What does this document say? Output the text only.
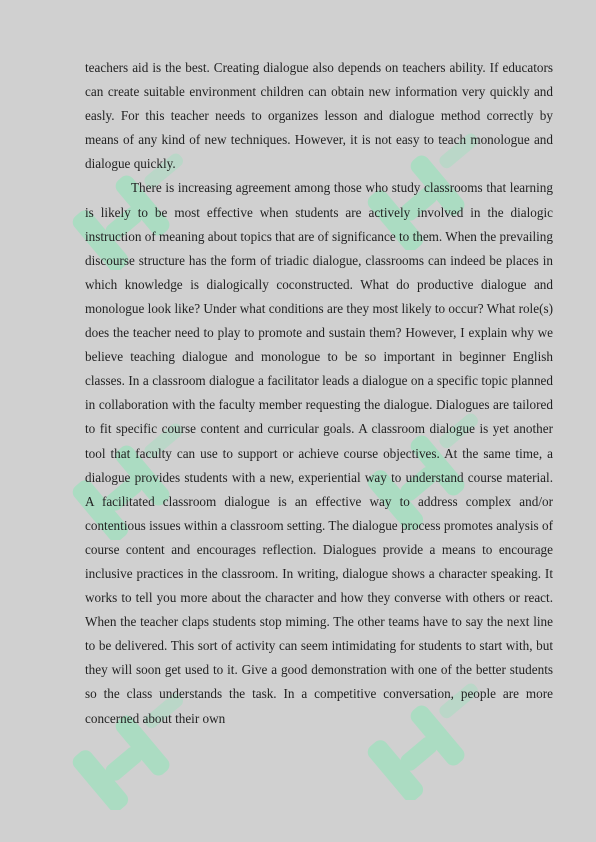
teachers aid is the best. Creating dialogue also depends on teachers ability. If educators can create suitable environment children can obtain new information very quickly and easly. For this teacher needs to organizes lesson and dialogue method correctly by means of any kind of new techniques. However, it is not easy to teach monologue and dialogue quickly.

There is increasing agreement among those who study classrooms that learning is likely to be most effective when students are actively involved in the dialogic instruction of meaning about topics that are of significance to them. When the prevailing discourse structure has the form of triadic dialogue, classrooms can indeed be places in which knowledge is dialogically coconstructed. What do productive dialogue and monologue look like? Under what conditions are they most likely to occur? What role(s) does the teacher need to play to promote and sustain them? However, I explain why we believe teaching dialogue and monologue to be so important in beginner English classes. In a classroom dialogue a facilitator leads a dialogue on a specific topic planned in collaboration with the faculty member requesting the dialogue. Dialogues are tailored to fit specific course content and curricular goals. A classroom dialogue is yet another tool that faculty can use to support or achieve course objectives. At the same time, a dialogue provides students with a new, experiential way to understand course material. A facilitated classroom dialogue is an effective way to address complex and/or contentious issues within a classroom setting. The dialogue process promotes analysis of course content and encourages reflection. Dialogues provide a means to encourage inclusive practices in the classroom. In writing, dialogue shows a character speaking. It works to tell you more about the character and how they converse with others or react. When the teacher claps students stop miming. The other teams have to say the next line to be delivered. This sort of activity can seem intimidating for students to start with, but they will soon get used to it. Give a good demonstration with one of the better students so the class understands the task. In a competitive conversation, people are more concerned about their own
